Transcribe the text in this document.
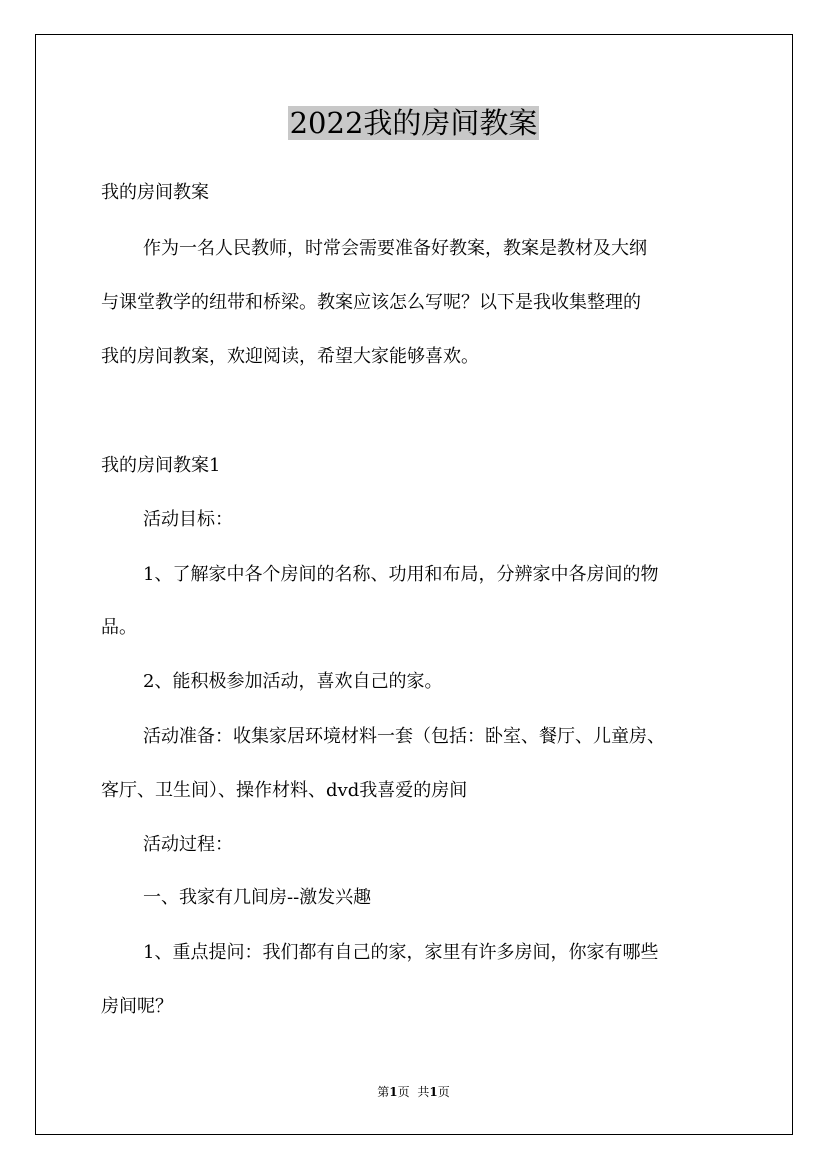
2022我的房间教案

我的房间教案

作为一名人民教师，时常会需要准备好教案，教案是教材及大纲

与课堂教学的纽带和桥梁。教案应该怎么写呢？以下是我收集整理的

我的房间教案，欢迎阅读，希望大家能够喜欢。

我的房间教案1

活动目标：

1、了解家中各个房间的名称、功用和布局，分辨家中各房间的物

品。

2、能积极参加活动，喜欢自己的家。

活动准备：收集家居环境材料一套（包括：卧室、餐厅、儿童房、

客厅、卫生间）、操作材料、dvd我喜爱的房间

活动过程：

一、我家有几间房--激发兴趣

1、重点提问：我们都有自己的家，家里有许多房间，你家有哪些

房间呢？

第1页 共1页
